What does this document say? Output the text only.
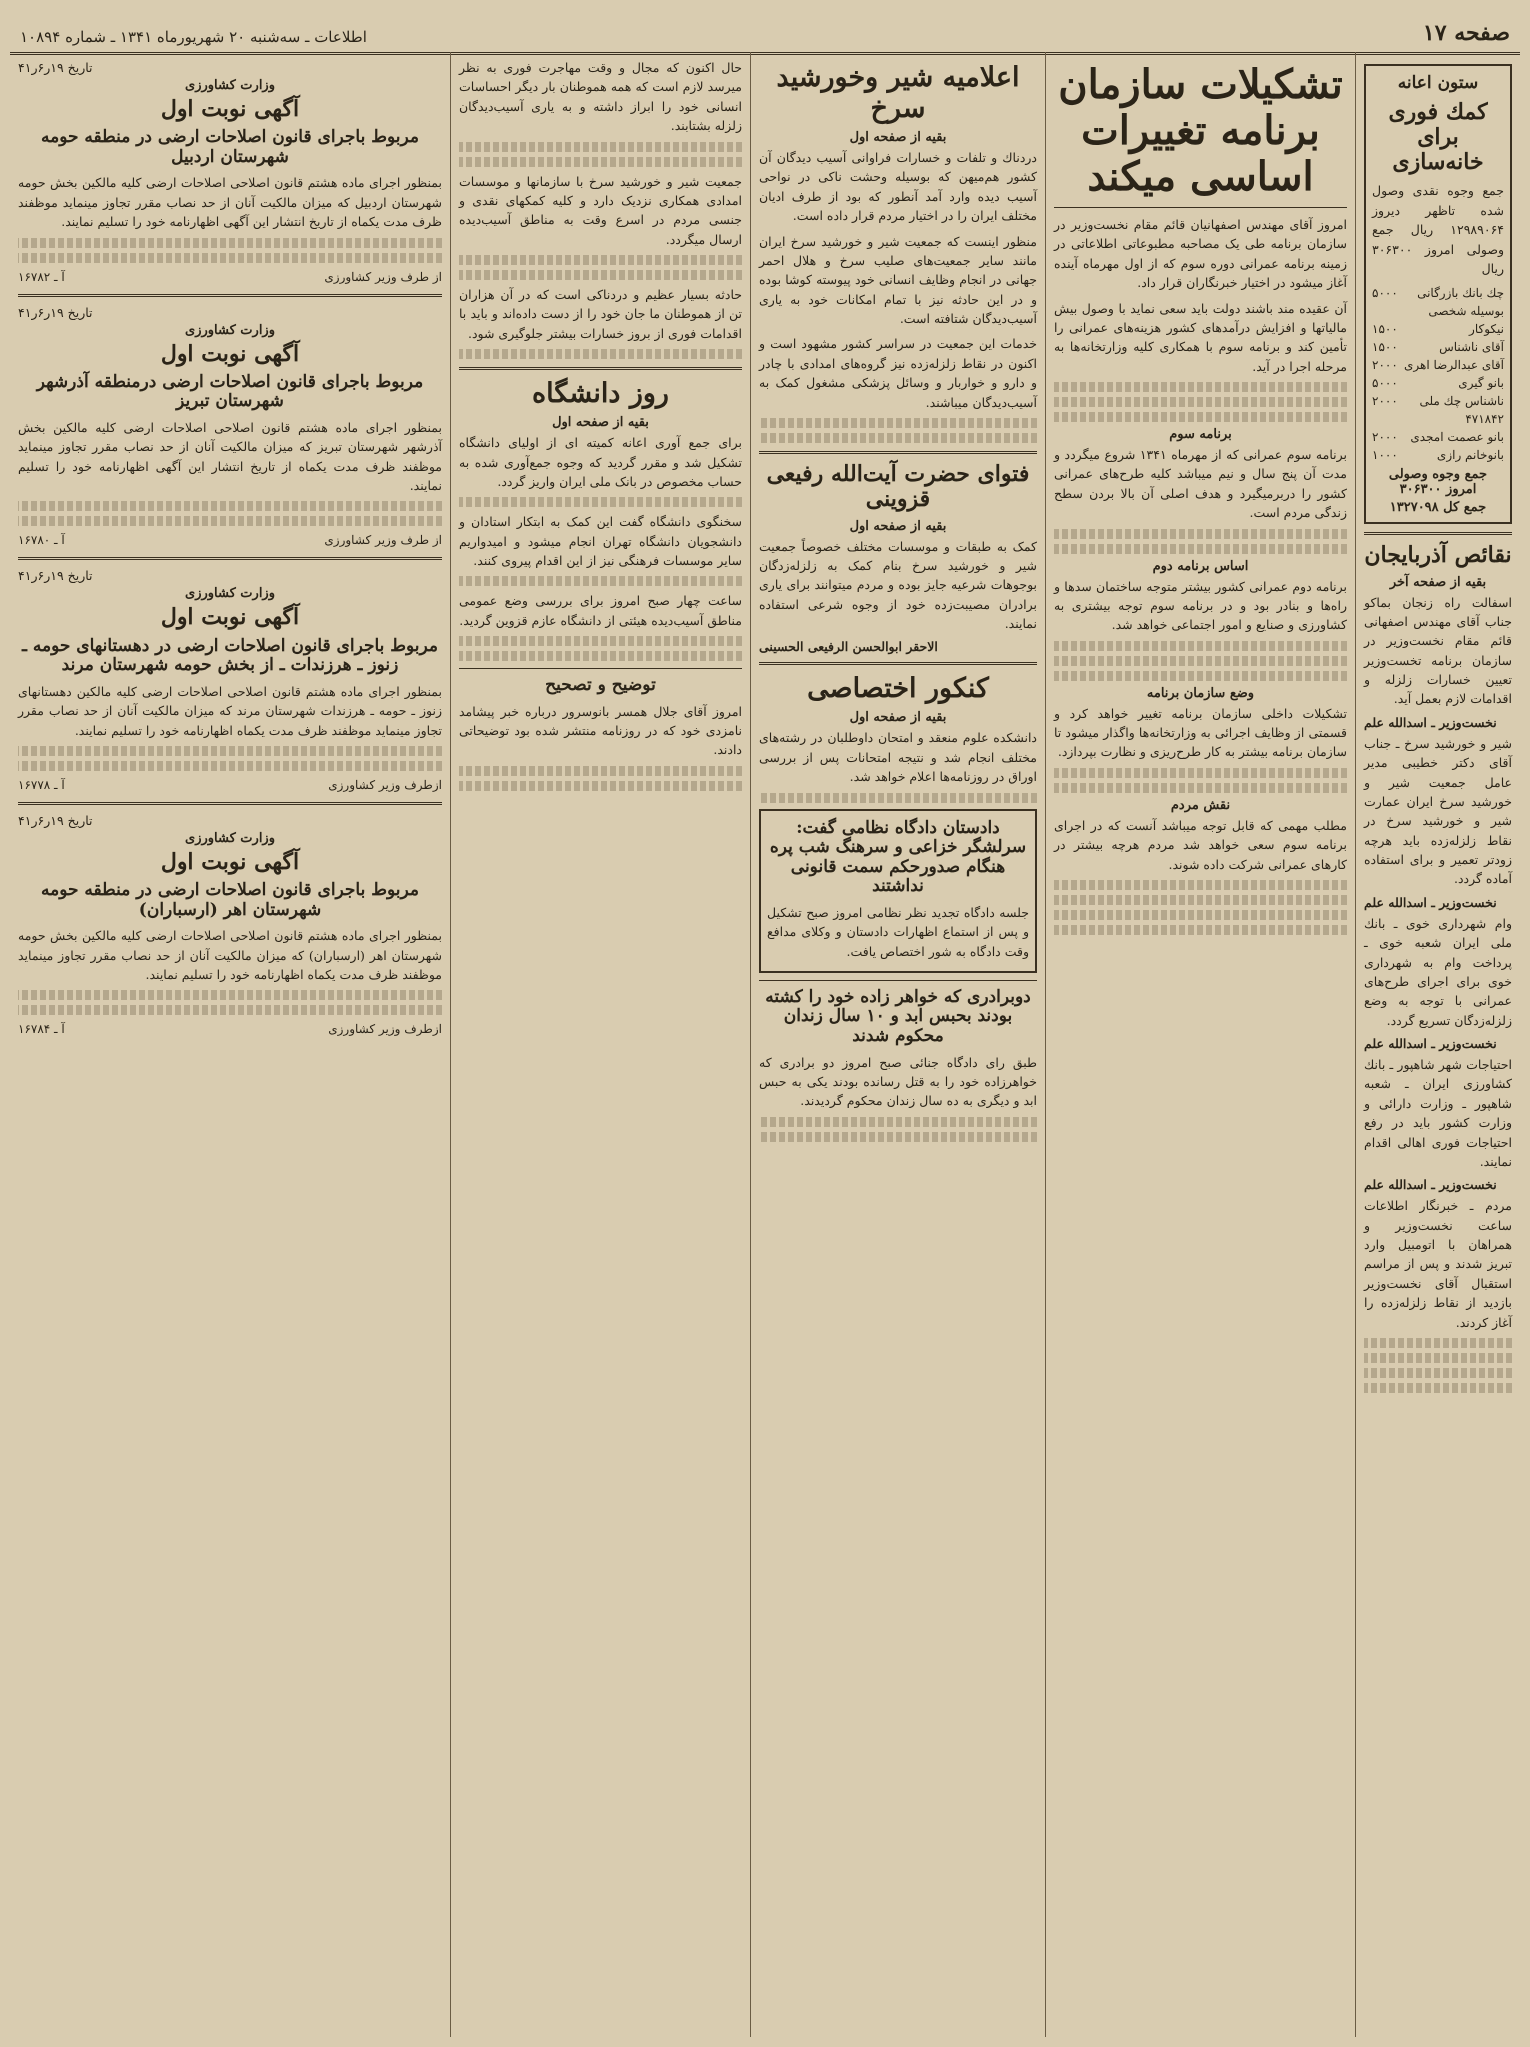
صفحه ۱۷
اطلاعات ـ سه‌شنبه ۲۰ شهریورماه ۱۳۴۱ ـ شماره ۱۰۸۹۴
ستون اعانه
کمك فوری برای خانه‌سازی

جمع وجوه نقدی وصول شده تاظهر دیروز ۱۲۹۸۹۰۶۴ ریال جمع وصولی امروز ۳۰۶۳۰۰ ریال

چك بانك بازرگانی بوسیله شخصی
۵۰۰۰
نیکوکار
۱۵۰۰
آقای ناشناس
۱۵۰۰
آقای عبدالرضا اهری
۲۰۰۰
بانو گیری
۵۰۰۰
ناشناس چك ملی ۴۷۱۸۴۲
۲۰۰۰
بانو عصمت امجدی
۲۰۰۰
بانوخانم رازی
۱۰۰۰
جمع وجوه وصولی امروز ۳۰۶۳۰۰
جمع کل ۱۳۲۷۰۹۸
نقائص آذربایجان
بقیه از صفحه آخر

اسفالت راه زنجان بماکو جناب آقای مهندس اصفهانی قائم مقام نخست‌وزیر در سازمان برنامه تخست‌وزیر تعیین خسارات زلزله و اقدامات لازم بعمل آید.

نخست‌وزیر ـ اسدالله علم

شیر و خورشید سرخ ـ جناب آقای دکتر خطیبی مدیر عامل جمعیت شیر و خورشید سرخ ایران عمارت شیر و خورشید سرخ در نقاط زلزله‌زده باید هرچه زودتر تعمیر و برای استفاده آماده گردد.

نخست‌وزیر ـ اسدالله علم

وام شهرداری خوی ـ بانك ملی ایران شعبه خوی ـ پرداخت وام به شهرداری خوی برای اجرای طرح‌های عمرانی با توجه به وضع زلزله‌زدگان تسریع گردد.

نخست‌وزیر ـ اسدالله علم

احتیاجات شهر شاهپور ـ بانك کشاورزی ایران ـ شعبه شاهپور ـ وزارت دارائی و وزارت کشور باید در رفع احتیاجات فوری اهالی اقدام نمایند.

نخست‌وزیر ـ اسدالله علم

مردم ـ خبرنگار اطلاعات ساعت نخست‌وزیر و همراهان با اتومبیل وارد تبریز شدند و پس از مراسم استقبال آقای نخست‌وزیر بازدید از نقاط زلزله‌زده را آغاز کردند.

تشکیلات سازمان برنامه تغییرات اساسی میکند

امروز آقای مهندس اصفهانیان قائم مقام نخست‌وزیر در سازمان برنامه طی یک مصاحبه مطبوعاتی اطلاعاتی در زمینه برنامه عمرانی دوره سوم که از اول مهرماه آینده آغاز میشود در اختیار خبرنگاران قرار داد.

آن عقیده مند باشند دولت باید سعی نماید با وصول بیش مالیاتها و افزایش درآمدهای کشور هزینه‌های عمرانی را تأمین کند و برنامه سوم با همکاری کلیه وزارتخانه‌ها به مرحله اجرا در آید.

برنامه سوم

برنامه سوم عمرانی که از مهرماه ۱۳۴۱ شروع میگردد و مدت آن پنج سال و نیم میباشد کلیه طرح‌های عمرانی کشور را دربرمیگیرد و هدف اصلی آن بالا بردن سطح زندگی مردم است.

اساس برنامه دوم

برنامه دوم عمرانی کشور بیشتر متوجه ساختمان سدها و راه‌ها و بنادر بود و در برنامه سوم توجه بیشتری به کشاورزی و صنایع و امور اجتماعی خواهد شد.

وضع سازمان برنامه

تشکیلات داخلی سازمان برنامه تغییر خواهد کرد و قسمتی از وظایف اجرائی به وزارتخانه‌ها واگذار میشود تا سازمان برنامه بیشتر به کار طرح‌ریزی و نظارت بپردازد.

نقش مردم

مطلب مهمی که قابل توجه میباشد آنست که در اجرای برنامه سوم سعی خواهد شد مردم هرچه بیشتر در کارهای عمرانی شرکت داده شوند.

اعلامیه شیر وخورشید سرخ
بقیه از صفحه اول

دردناك و تلفات و خسارات فراوانی آسیب دیدگان آن کشور هم‌میهن که بوسیله وحشت ناکی در نواحی آسیب دیده وارد آمد آنطور که بود از طرف ادیان مختلف ایران را در اختیار مردم قرار داده است.

منظور اینست که جمعیت شیر و خورشید سرخ ایران مانند سایر جمعیت‌های صلیب سرخ و هلال احمر جهانی در انجام وظایف انسانی خود پیوسته کوشا بوده و در این حادثه نیز با تمام امکانات خود به یاری آسیب‌دیدگان شتافته است.

خدمات این جمعیت در سراسر کشور مشهود است و اکنون در نقاط زلزله‌زده نیز گروه‌های امدادی با چادر و دارو و خواربار و وسائل پزشکی مشغول کمک به آسیب‌دیدگان میباشند.

فتوای حضرت آیت‌الله رفیعی قزوینی
بقیه از صفحه اول

کمک به طبقات و موسسات مختلف خصوصاً جمعیت شیر و خورشید سرخ بنام کمک به زلزله‌زدگان بوجوهات شرعیه جایز بوده و مردم میتوانند برای یاری برادران مصیبت‌زده خود از وجوه شرعی استفاده نمایند.

الاحقر ابوالحسن الرفیعی الحسینی
کنکور اختصاصی
بقیه از صفحه اول

دانشکده علوم منعقد و امتحان داوطلبان در رشته‌های مختلف انجام شد و نتیجه امتحانات پس از بررسی اوراق در روزنامه‌ها اعلام خواهد شد.

دادستان دادگاه نظامی گفت: سرلشگر خزاعی و سرهنگ شب پره هنگام صدورحکم سمت قانونی نداشتند

جلسه دادگاه تجدید نظر نظامی امروز صبح تشکیل و پس از استماع اظهارات دادستان و وکلای مدافع وقت دادگاه به شور اختصاص یافت.

دوبرادری که خواهر زاده خود را کشته بودند بحبس ابد و ۱۰ سال زندان محکوم شدند

طبق رای دادگاه جنائی صبح امروز دو برادری که خواهرزاده خود را به قتل رسانده بودند یکی به حبس ابد و دیگری به ده سال زندان محکوم گردیدند.

حال اکنون که مجال و وقت مهاجرت فوری به نظر میرسد لازم است که همه هموطنان بار دیگر احساسات انسانی خود را ابراز داشته و به یاری آسیب‌دیدگان زلزله بشتابند.

جمعیت شیر و خورشید سرخ با سازمانها و موسسات امدادی همکاری نزدیک دارد و کلیه کمکهای نقدی و جنسی مردم در اسرع وقت به مناطق آسیب‌دیده ارسال میگردد.

حادثه بسیار عظیم و دردناکی است که در آن هزاران تن از هموطنان ما جان خود را از دست داده‌اند و باید با اقدامات فوری از بروز خسارات بیشتر جلوگیری شود.

روز دانشگاه
بقیه از صفحه اول

برای جمع آوری اعانه کمیته ای از اولیای دانشگاه تشکیل شد و مقرر گردید که وجوه جمع‌آوری شده به حساب مخصوص در بانک ملی ایران واریز گردد.

سخنگوی دانشگاه گفت این کمک به ابتکار استادان و دانشجویان دانشگاه تهران انجام میشود و امیدواریم سایر موسسات فرهنگی نیز از این اقدام پیروی کنند.

ساعت چهار صبح امروز برای بررسی وضع عمومی مناطق آسیب‌دیده هیئتی از دانشگاه عازم قزوین گردید.

توضیح و تصحیح

امروز آقای جلال همسر بانوسرور درباره خبر پیشامد نامزدی خود که در روزنامه منتشر شده بود توضیحاتی دادند.

تاریخ ۱۹ر۶ر۴۱
وزارت کشاورزی
آگهی نوبت اول
مربوط باجرای قانون اصلاحات ارضی در منطقه حومه شهرستان اردبیل

بمنظور اجرای ماده هشتم قانون اصلاحی اصلاحات ارضی کلیه مالکین بخش حومه شهرستان اردبیل که میزان مالکیت آنان از حد نصاب مقرر تجاوز مینماید موظفند ظرف مدت یکماه از تاریخ انتشار این آگهی اظهارنامه خود را تسلیم نمایند.

از طرف وزیر کشاورزی
آ ـ ۱۶۷۸۲
تاریخ ۱۹ر۶ر۴۱
وزارت کشاورزی
آگهی نوبت اول
مربوط باجرای قانون اصلاحات ارضی درمنطقه آذرشهر شهرستان تبریز

بمنظور اجرای ماده هشتم قانون اصلاحی اصلاحات ارضی کلیه مالکین بخش آذرشهر شهرستان تبریز که میزان مالکیت آنان از حد نصاب مقرر تجاوز مینماید موظفند ظرف مدت یکماه از تاریخ انتشار این آگهی اظهارنامه خود را تسلیم نمایند.

از طرف وزیر کشاورزی
آ ـ ۱۶۷۸۰
تاریخ ۱۹ر۶ر۴۱
وزارت کشاورزی
آگهی نوبت اول
مربوط باجرای قانون اصلاحات ارضی در دهستانهای حومه ـ زنوز ـ هرزندات ـ از بخش حومه شهرستان مرند

بمنظور اجرای ماده هشتم قانون اصلاحی اصلاحات ارضی کلیه مالکین دهستانهای زنوز ـ حومه ـ هرزندات شهرستان مرند که میزان مالکیت آنان از حد نصاب مقرر تجاوز مینماید موظفند ظرف مدت یکماه اظهارنامه خود را تسلیم نمایند.

ازطرف وزیر کشاورزی
آ ـ ۱۶۷۷۸
تاریخ ۱۹ر۶ر۴۱
وزارت کشاورزی
آگهی نوبت اول
مربوط باجرای قانون اصلاحات ارضی در منطقه حومه شهرستان اهر (ارسباران)

بمنظور اجرای ماده هشتم قانون اصلاحی اصلاحات ارضی کلیه مالکین بخش حومه شهرستان اهر (ارسباران) که میزان مالکیت آنان از حد نصاب مقرر تجاوز مینماید موظفند ظرف مدت یکماه اظهارنامه خود را تسلیم نمایند.

ازطرف وزیر کشاورزی
آ ـ ۱۶۷۸۴
